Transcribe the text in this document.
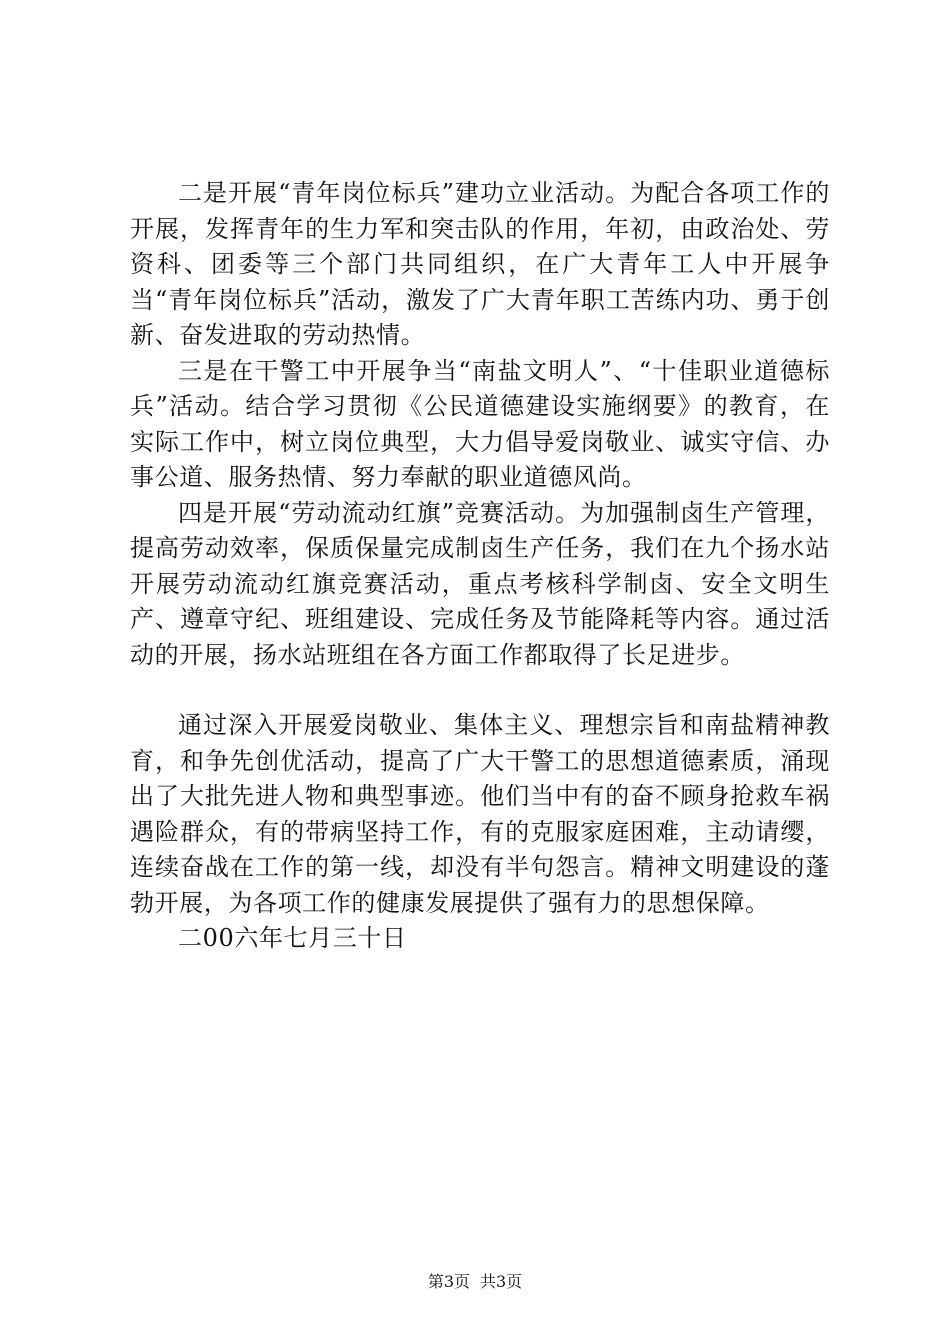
二是开展“青年岗位标兵”建功立业活动。为配合各项工作的开展，发挥青年的生力军和突击队的作用，年初，由政治处、劳资科、团委等三个部门共同组织，在广大青年工人中开展争当“青年岗位标兵”活动，激发了广大青年职工苦练内功、勇于创新、奋发进取的劳动热情。

三是在干警工中开展争当“南盐文明人”、“十佳职业道德标兵”活动。结合学习贯彻《公民道德建设实施纲要》的教育，在实际工作中，树立岗位典型，大力倡导爱岗敬业、诚实守信、办事公道、服务热情、努力奉献的职业道德风尚。

四是开展“劳动流动红旗”竞赛活动。为加强制卤生产管理，提高劳动效率，保质保量完成制卤生产任务，我们在九个扬水站开展劳动流动红旗竞赛活动，重点考核科学制卤、安全文明生产、遵章守纪、班组建设、完成任务及节能降耗等内容。通过活动的开展，扬水站班组在各方面工作都取得了长足进步。

通过深入开展爱岗敬业、集体主义、理想宗旨和南盐精神教育，和争先创优活动，提高了广大干警工的思想道德素质，涌现出了大批先进人物和典型事迹。他们当中有的奋不顾身抢救车祸遇险群众，有的带病坚持工作，有的克服家庭困难，主动请缨，连续奋战在工作的第一线，却没有半句怨言。精神文明建设的蓬勃开展，为各项工作的健康发展提供了强有力的思想保障。

二00六年七月三十日

第3页 共3页
